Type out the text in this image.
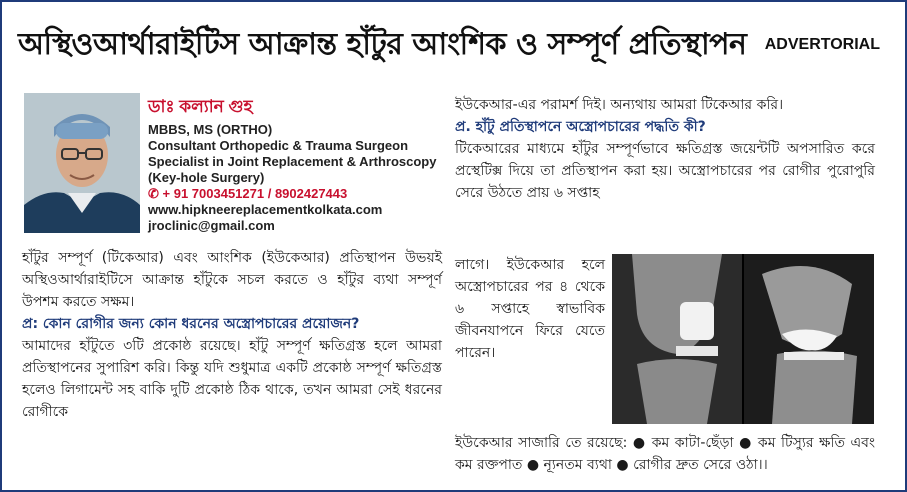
অস্থিওআর্থারাইটিস আক্রান্ত হাঁটুর আংশিক ও সম্পূর্ণ প্রতিস্থাপন ADVERTORIAL
ডাঃ কল্যান গুহ
MBBS, MS (ORTHO)
Consultant Orthopedic & Trauma Surgeon
Specialist in Joint Replacement & Arthroscopy
(Key-hole Surgery)
✆ + 91 7003451271 / 8902427443
www.hipkneereplacementkolkata.com
jroclinic@gmail.com

হাঁটুর সম্পূর্ণ (টিকেআর) এবং আংশিক (ইউকেআর) প্রতিস্থাপন উভয়ই অস্থিওআর্থারাইটিসে আক্রান্ত হাঁটুকে সচল করতে ও হাঁটুর ব্যথা সম্পূর্ণ উপশম করতে সক্ষম।

প্র: কোন রোগীর জন্য কোন ধরনের অস্ত্রোপচারের প্রয়োজন?

আমাদের হাঁটুতে ৩টি প্রকোষ্ঠ রয়েছে। হাঁটু সম্পূর্ণ ক্ষতিগ্রস্ত হলে আমরা প্রতিস্থাপনের সুপারিশ করি। কিন্তু যদি শুধুমাত্র একটি প্রকোষ্ঠ সম্পূর্ণ ক্ষতিগ্রস্ত হলেও লিগামেন্ট সহ বাকি দুটি প্রকোষ্ঠ ঠিক থাকে, তখন আমরা সেই ধরনের রোগীকে

ইউকেআর-এর পরামর্শ দিই। অন্যথায় আমরা টিকেআর করি।

প্র. হাঁটু প্রতিস্থাপনে অস্ত্রোপচারের পদ্ধতি কী?

টিকেআরের মাধ্যমে হাঁটুর সম্পূর্ণভাবে ক্ষতিগ্রস্ত জয়েন্টটি অপসারিত করে প্রস্থেটিক্স দিয়ে তা প্রতিস্থাপন করা হয়। অস্ত্রোপচারের পর রোগীর পুরোপুরি সেরে উঠতে প্রায় ৬ সপ্তাহ

লাগে। ইউকেআর হলে অস্ত্রোপচারের পর ৪ থেকে ৬ সপ্তাহে স্বাভাবিক জীবনযাপনে ফিরে যেতে পারেন।

ইউকেআর সাজারি তে রয়েছে: ● কম কাটা-ছেঁড়া ● কম টিস্যুর ক্ষতি এবং কম রক্তপাত ● ন্যূনতম ব্যথা ● রোগীর দ্রুত সেরে ওঠা।।
